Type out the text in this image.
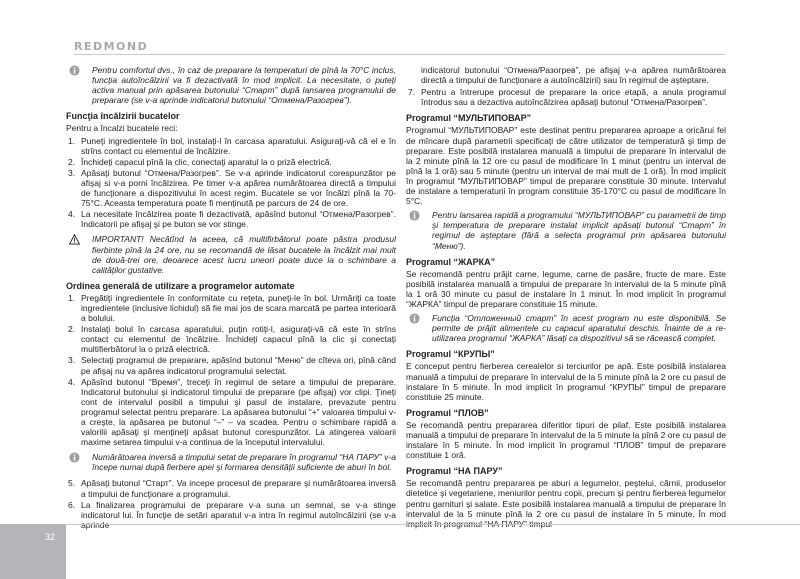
REDMOND
Pentru comfortul dvs., în caz de preparare la temperaturi de pînă la 70°C inclus, funcţia autoîncălzirii va fi dezactivată în mod implicit. La necesitate, o puteţi activa manual prin apăsarea butonului “Старт” după lansarea programului de preparare (se v-a aprinde indicatorul butonului “Отмена/Разогрев”).
Funcţia încălzirii bucatelor
Pentru a încalzi bucatele reci:
1. Puneţi ingredientele în bol, instalaţi-l în carcasa aparatului. Asiguraţi-vă că el e în strîns contact cu elementul de încălzire.
2. Închideţi capacul pînă la clic, conectaţi aparatul la o priză electrică.
3. Apăsaţi butonul “Отмена/Разогрев”. Se v-a aprinde indicatorul corespunzător pe afişaj si v-a porni încălzirea. Pe timer v-a apărea numărătoarea directă a timpului de funcţionare a dispozitivului în acest regim. Bucatele se vor încălzi pînă la 70-75°C. Aceasta temperatura poate fi menţinută pe parcurs de 24 de ore.
4. La necesitate încălzirea poate fi dezactivată, apăsînd butonul “Отмена/Разогрев”. Indicatorii pe afişaj şi pe buton se vor stinge.
IMPORTANT! Necătînd la aceea, că multifirbătorul poate păstra produsul fierbinte pînă la 24 ore, nu se recomandă de lăsat bucatele la încălzit mai mult de două-trei ore, deoarece acest lucru uneori poate duce la o schimbare a calităţilor gustative.
Ordinea generală de utilizare a programelor automate
1. Pregătiţi ingredientele în conformitate cu reţeta, puneţi-le în bol. Urmăriţi ca toate ingredientele (inclusive lichidul) să fie mai jos de scara marcată pe partea interioară a bolului.
2. Instalaţi bolul în carcasa aparatului, puţin rotiţi-l, asiguraţi-vă că este în strîns contact cu elementul de încălzire. Închideţi capacul pînă la clic şi conectaţi multifierbătorul la o priză electrică.
3. Selectaţi programul de preparare, apăsînd butonul “Меню” de cîteva ori, pînă când pe afişaj nu va apărea indicatorul programului selectat.
4. Apăsînd butonul “Время”, treceţi în regimul de setare a timpului de preparare. Indicatorul butonului şi indicatorul timpului de preparare (pe afişaj) vor clipi. Ţineţi cont de intervalul posibil a timpului şi pasul de instalare, prevazute pentru programul selectat pentru preparare. La apăsarea butonului “+” valoarea timpului v-a creşte, la apăsarea pe butonul “–” – va scadea. Pentru o schimbare rapidă a valorilii apăsaţi şi menţineţi apăsat butonul corespunzător. La atingerea valoarii maxime setarea timpului v-a continua de la începutul intervalului.
Numărătoarea inversă a timpului setat de preparare în programul “НА ПАРУ” v-a începe numai după fierbere apei şi formarea densităţii suficiente de aburi în bol.
5. Apăsaţi butonul “Старт”. Va incepe procesul de preparare şi numărătoarea inversă a timpului de funcţionare a programului.
6. La finalizarea programului de preparare v-a suna un semnal, se v-a stinge indicatorul lui. În funcţie de setări aparatul v-a intra în regimul autoîncălzirii (se v-a aprinde
indicatorul butonului “Отмена/Разогрев”, pe afişaj v-a apărea numărătoarea directă a timpului de funcţionare a autoîncălzirii) sau în regimul de aşteptare.
7. Pentru a întrerupe procesul de preparare la orice etapă, a anula programul întrodus sau a dezactiva autoîncălzirea apăsaţi butonul “Отмена/Разогрев”.
Programul “МУЛЬТИПОВАР”
Programul “МУЛЬТИПОВАР” este destinat pentru prepararea aproape a oricărui fel de mîncare după parametrii specificaţi de către utilizator de temperatură şi timp de preparare. Este posibilă instalarea manuală a timpului de preparare în intervalul de la 2 minute pînă la 12 ore cu pasul de modificare în 1 minut (pentru un interval de pînă la 1 oră) sau 5 minute (pentru un interval de mai mult de 1 oră). În mod implicit în programul “МУЛЬТИПОВАР” timpul de preparare constituie 30 minute. Intervalul de instalare a temperaturii în program constituie 35-170°C cu pasul de modificare în 5°C.
Pentru lansarea rapidă a programului “МУЛЬТИПОВАР” cu parametrii de timp şi temperatura de preparare instalat implicit apăsaţi butonul “Старт” în regimul de aşteptare (fără a selecta programul prin apăsarea butonului “Меню”).
Programul “ЖАРКА”
Se recomandă pentru prăjit carne, legume, carne de pasăre, fructe de mare. Este posibilă instalarea manuală a timpului de preparare în intervalul de la 5 minute pînă la 1 oră 30 minute cu pasul de instalare în 1 minut. În mod implicit în programul “ЖАРКА” timpul de preparare constituie 15 minute.
Funcţia “Отложенный старт” în acest program nu este disponibilă. Se permite de prăjit alimentele cu capacul aparatului deschis. Înainte de a re-utilizarea programul “ЖАРКА” lăsaţi ca dispozitivul să se răcească complet.
Programul “КРУПЫ”
E conceput pentru fierberea cerealelor si terciurilor pe apă. Este posibilă instalarea manuală a timpului de preparare în intervalul de la 5 minute pînă la 2 ore cu pasul de instalare în 5 minute. În mod implicit în programul “КРУПЫ” timpul de preparare constituie 25 minute.
Programul “ПЛОВ”
Se recomandă pentru prepararea diferitlor tipuri de pilaf. Este posibilă instalarea manuală a timpului de preparare în intervalul de la 5 minute la pînă 2 ore cu pasul de instalare în 5 minute. În mod implicit în programul “ПЛОВ” timpul de preparare constituie 1 oră.
Programul “НА ПАРУ”
Se recomandă pentru prepararea pe aburi a legumelor, peştelui, cărnii, produselor dietetice şi vegetariene, meniurilor pentru copii, precum şi pentru fierberea legumelor pentru garnituri şi salate. Este posibilă instalarea manuală a timpului de preparare în intervalul de la 5 minute pînă la 2 ore cu pasul de instalare în 5 minute. În mod implicit în programul “НА ПАРУ” timpul
32
